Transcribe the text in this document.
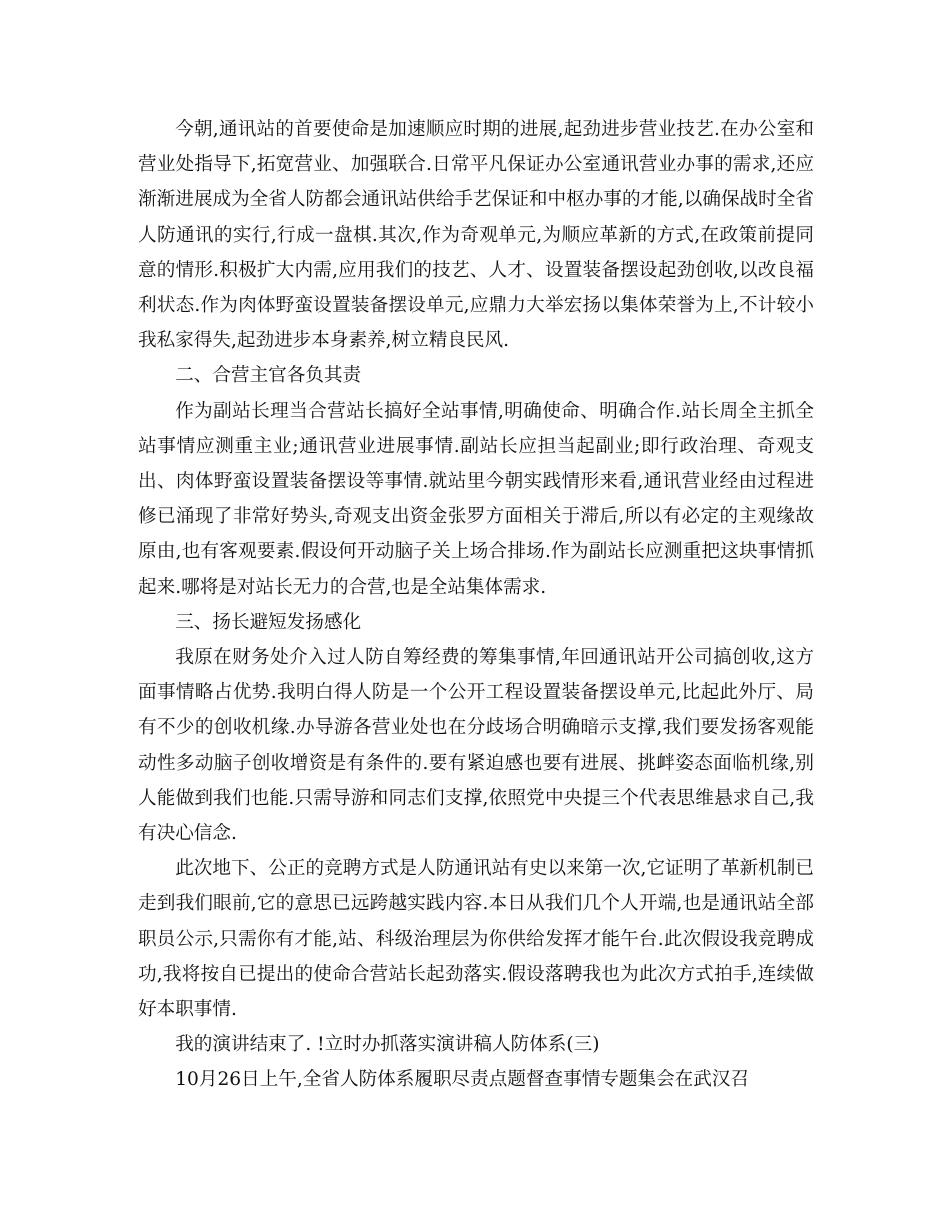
今朝,通讯站的首要使命是加速顺应时期的进展,起劲进步营业技艺.在办公室和营业处指导下,拓宽营业、加强联合.日常平凡保证办公室通讯营业办事的需求,还应渐渐进展成为全省人防都会通讯站供给手艺保证和中枢办事的才能,以确保战时全省人防通讯的实行,行成一盘棋.其次,作为奇观单元,为顺应革新的方式,在政策前提同意的情形.积极扩大内需,应用我们的技艺、人才、设置装备摆设起劲创收,以改良福利状态.作为肉体野蛮设置装备摆设单元,应鼎力大举宏扬以集体荣誉为上,不计较小我私家得失,起劲进步本身素养,树立精良民风.

二、合营主官各负其责

作为副站长理当合营站长搞好全站事情,明确使命、明确合作.站长周全主抓全站事情应测重主业;通讯营业进展事情.副站长应担当起副业;即行政治理、奇观支出、肉体野蛮设置装备摆设等事情.就站里今朝实践情形来看,通讯营业经由过程进修已涌现了非常好势头,奇观支出资金张罗方面相关于滞后,所以有必定的主观缘故原由,也有客观要素.假设何开动脑子关上场合排场.作为副站长应测重把这块事情抓起来.哪将是对站长无力的合营,也是全站集体需求.

三、扬长避短发扬感化

我原在财务处介入过人防自筹经费的筹集事情,年回通讯站开公司搞创收,这方面事情略占优势.我明白得人防是一个公开工程设置装备摆设单元,比起此外厅、局有不少的创收机缘.办导游各营业处也在分歧场合明确暗示支撑,我们要发扬客观能动性多动脑子创收增资是有条件的.要有紧迫感也要有进展、挑衅姿态面临机缘,别人能做到我们也能.只需导游和同志们支撑,依照党中央提三个代表思维悬求自己,我有决心信念.

此次地下、公正的竞聘方式是人防通讯站有史以来第一次,它证明了革新机制已走到我们眼前,它的意思已远跨越实践内容.本日从我们几个人开端,也是通讯站全部职员公示,只需你有才能,站、科级治理层为你供给发挥才能午台.此次假设我竞聘成功,我将按自已提出的使命合营站长起劲落实.假设落聘我也为此次方式拍手,连续做好本职事情.

我的演讲结束了. !立时办抓落实演讲稿人防体系(三)

10月26日上午,全省人防体系履职尽责点题督查事情专题集会在武汉召
